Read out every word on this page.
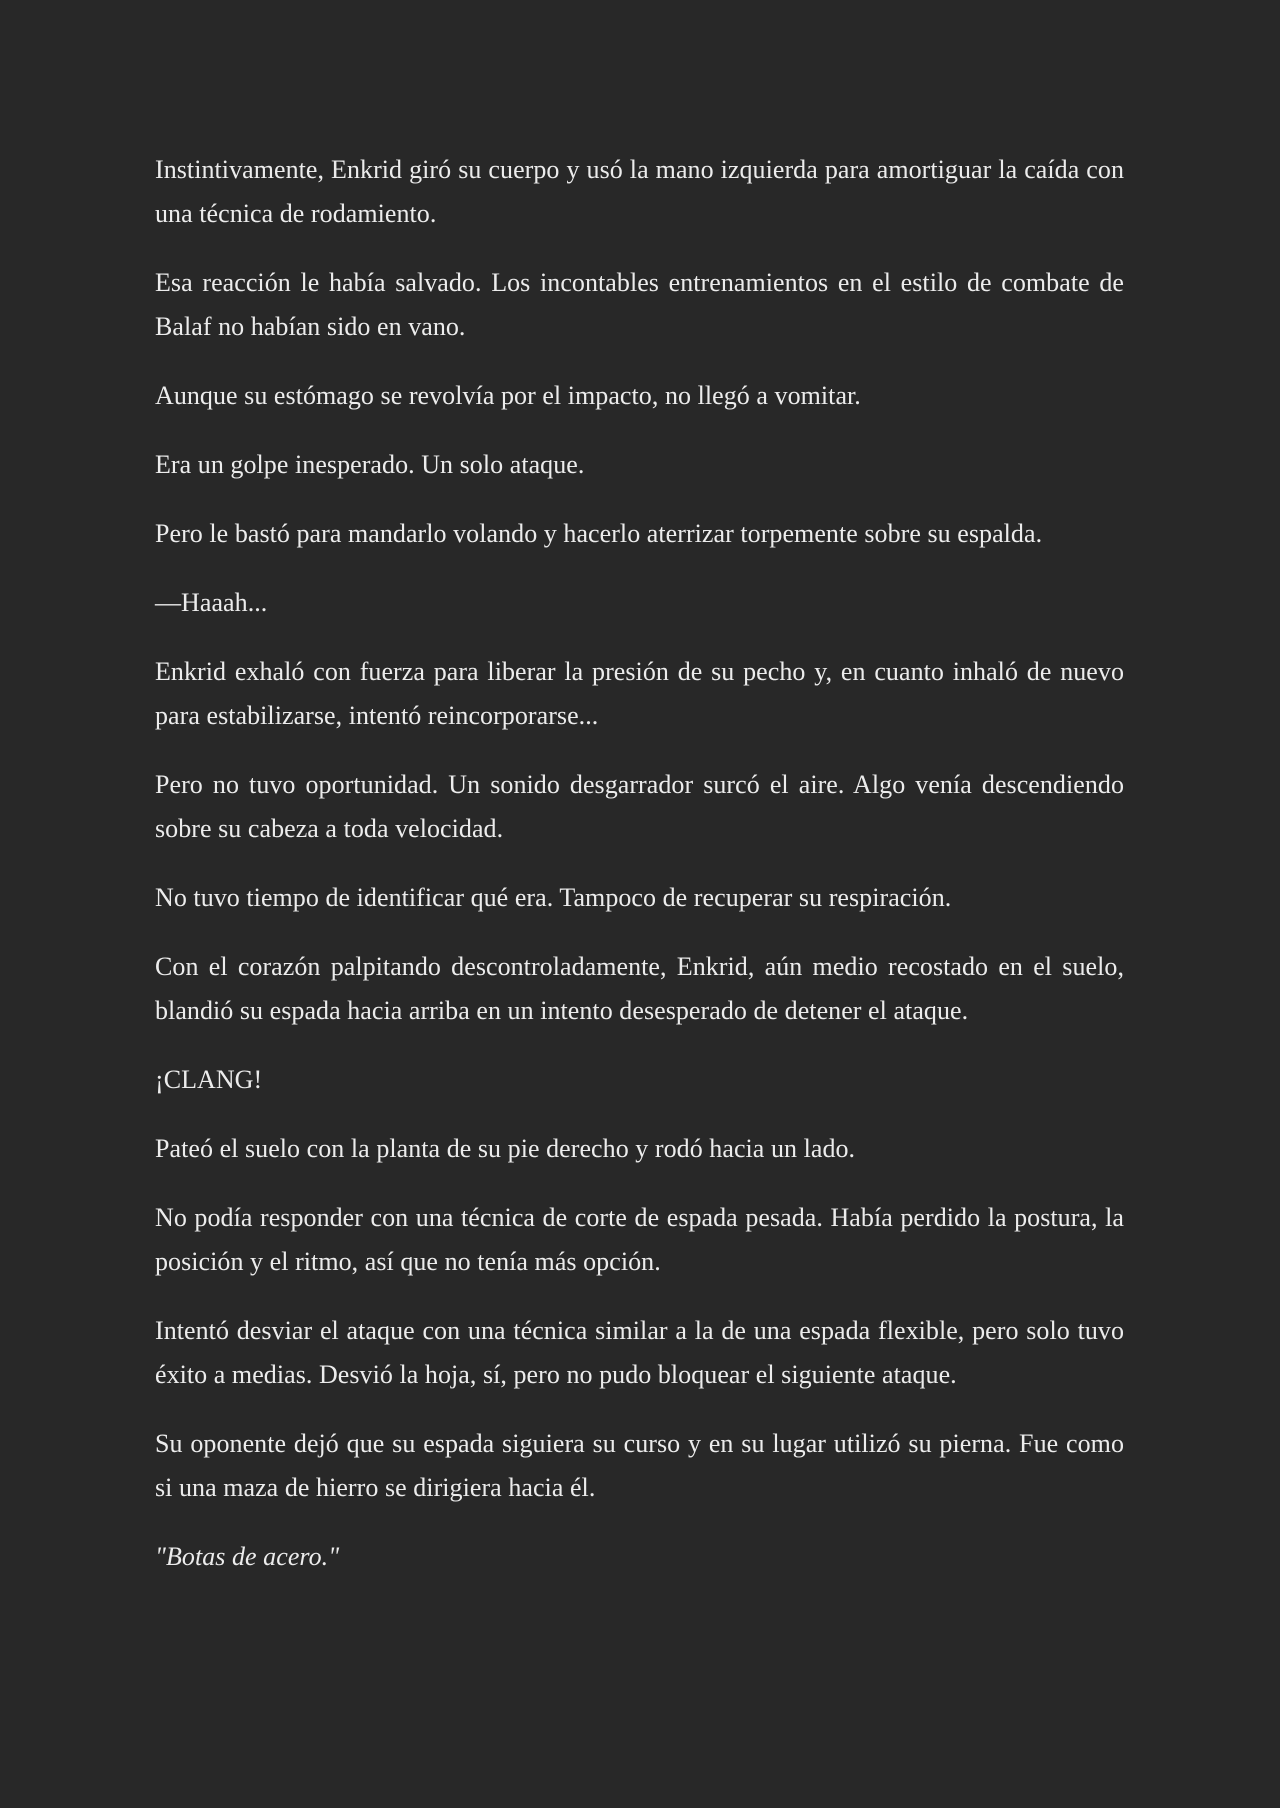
Instintivamente, Enkrid giró su cuerpo y usó la mano izquierda para amortiguar la caída con una técnica de rodamiento.

Esa reacción le había salvado. Los incontables entrenamientos en el estilo de combate de Balaf no habían sido en vano.

Aunque su estómago se revolvía por el impacto, no llegó a vomitar.

Era un golpe inesperado. Un solo ataque.

Pero le bastó para mandarlo volando y hacerlo aterrizar torpemente sobre su espalda.

—Haaah...

Enkrid exhaló con fuerza para liberar la presión de su pecho y, en cuanto inhaló de nuevo para estabilizarse, intentó reincorporarse...

Pero no tuvo oportunidad. Un sonido desgarrador surcó el aire. Algo venía descendiendo sobre su cabeza a toda velocidad.

No tuvo tiempo de identificar qué era. Tampoco de recuperar su respiración.

Con el corazón palpitando descontroladamente, Enkrid, aún medio recostado en el suelo, blandió su espada hacia arriba en un intento desesperado de detener el ataque.

¡CLANG!

Pateó el suelo con la planta de su pie derecho y rodó hacia un lado.

No podía responder con una técnica de corte de espada pesada. Había perdido la postura, la posición y el ritmo, así que no tenía más opción.

Intentó desviar el ataque con una técnica similar a la de una espada flexible, pero solo tuvo éxito a medias. Desvió la hoja, sí, pero no pudo bloquear el siguiente ataque.

Su oponente dejó que su espada siguiera su curso y en su lugar utilizó su pierna. Fue como si una maza de hierro se dirigiera hacia él.

"Botas de acero."
